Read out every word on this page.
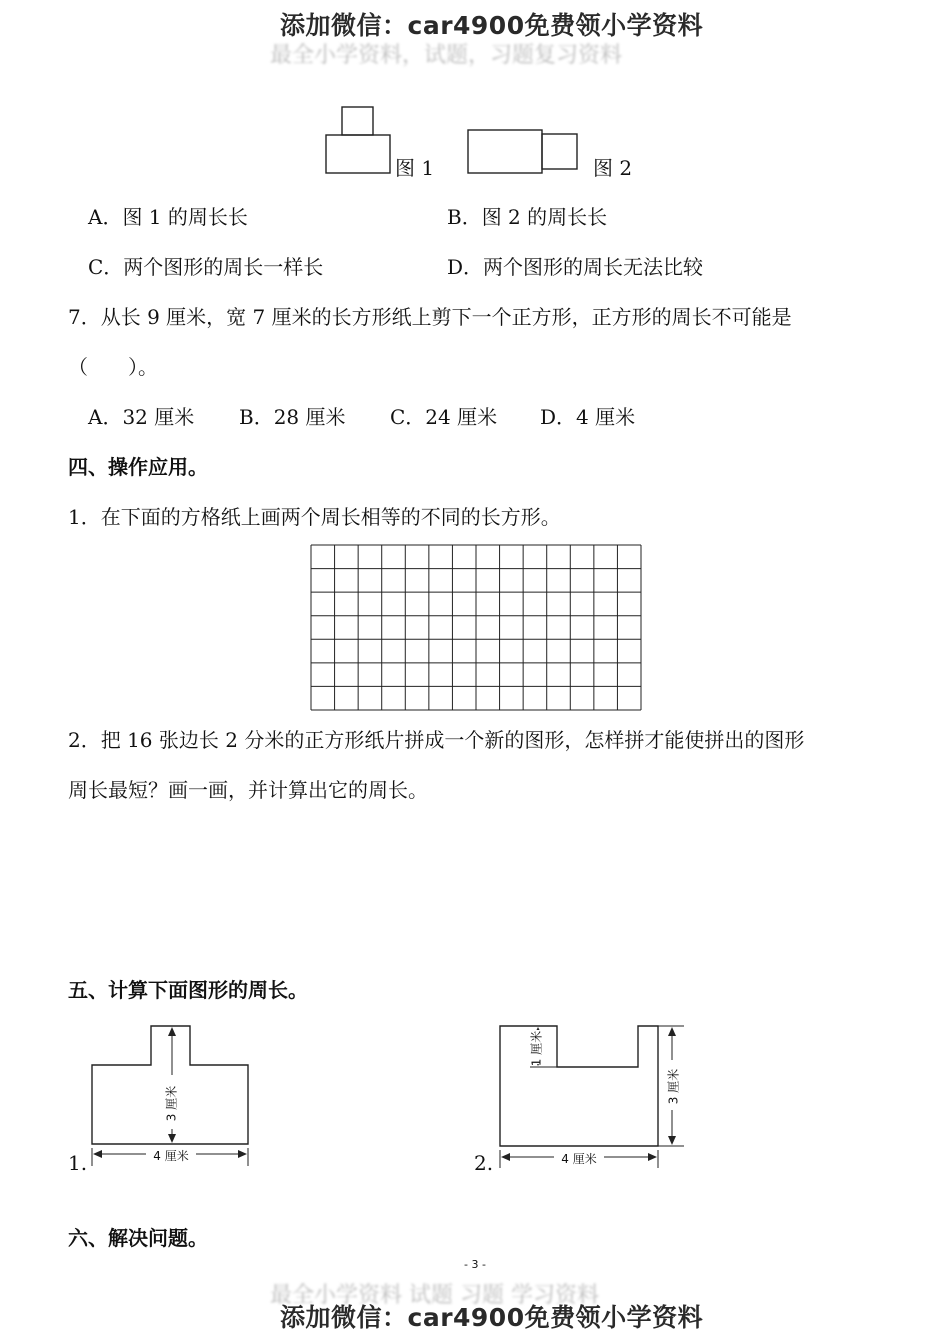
最全小学资料，试题，习题复习资料
添加微信：car4900免费领小学资料
图 1	图 2
A．图 1 的周长长	B．图 2 的周长长
C．两个图形的周长一样长	D．两个图形的周长无法比较
7．从长 9 厘米，宽 7 厘米的长方形纸上剪下一个正方形，正方形的周长不可能是
（　　）。
A．32 厘米 B．28 厘米 C．24 厘米 D．4 厘米
四、操作应用。
1．在下面的方格纸上画两个周长相等的不同的长方形。
2．把 16 张边长 2 分米的正方形纸片拼成一个新的图形，怎样拼才能使拼出的图形
周长最短？画一画，并计算出它的周长。
五、计算下面图形的周长。
3 厘米
4 厘米
1.
1 厘米
3 厘米
4 厘米
2.
六、解决问题。
- 3 -
最全小学资料 试题 习题 学习资料
添加微信：car4900免费领小学资料
